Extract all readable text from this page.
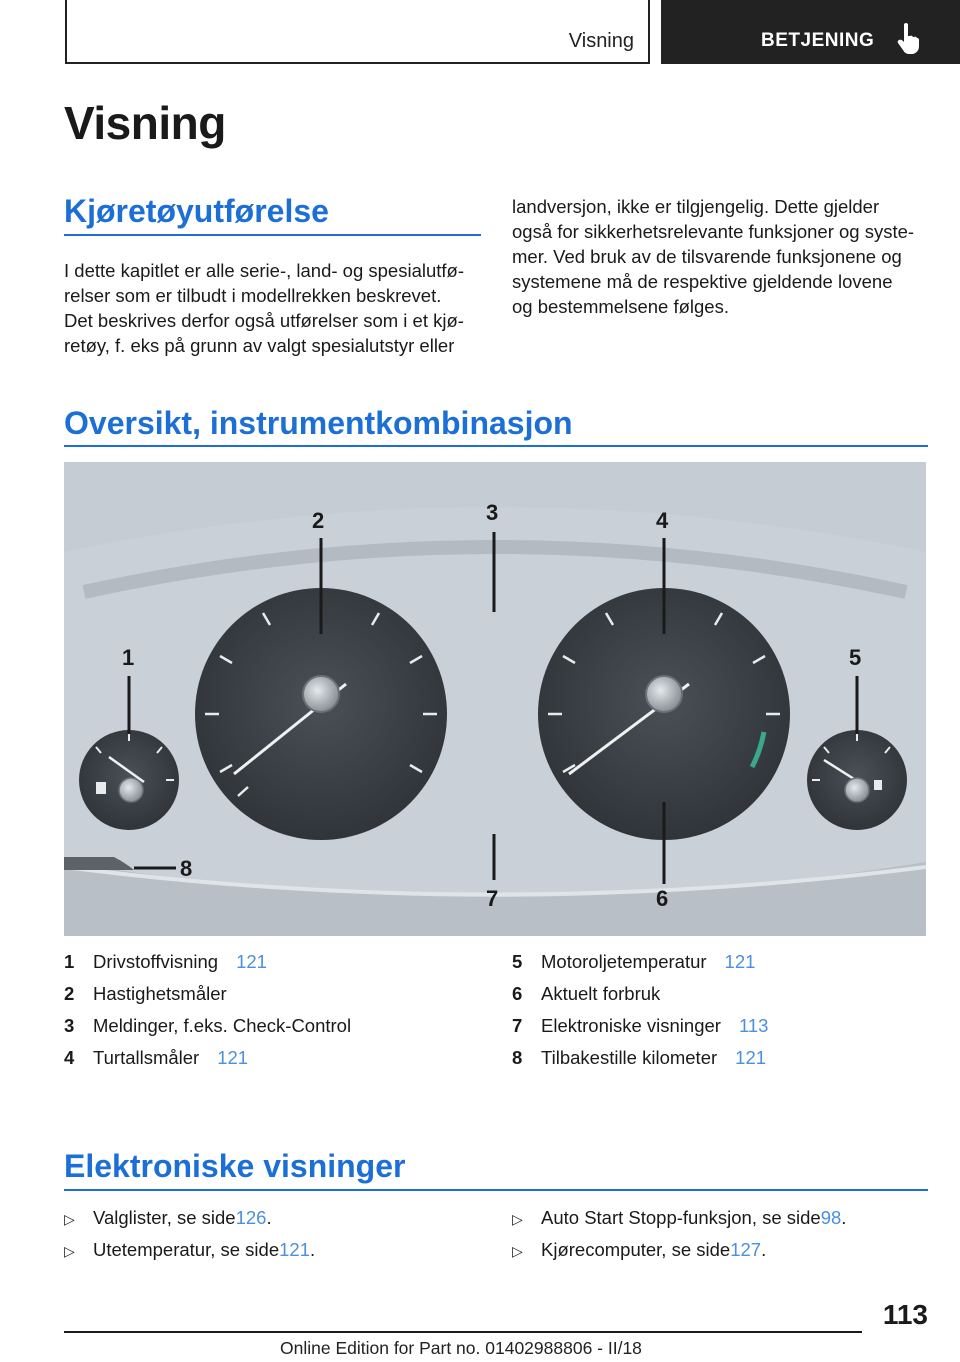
Visning	BETJENING
Visning
Kjøretøyutførelse
I dette kapitlet er alle serie-, land- og spesialutfø-
relser som er tilbudt i modellrekken beskrevet.
Det beskrives derfor også utførelser som i et kjø-
retøy, f. eks på grunn av valgt spesialutstyr eller
landversjon, ikke er tilgjengelig. Dette gjelder
også for sikkerhetsrelevante funksjoner og syste-
mer. Ved bruk av de tilsvarende funksjonene og
systemene må de respektive gjeldende lovene
og bestemmelsene følges.
Oversikt, instrumentkombinasjon
1
2	3	4
5
6
7
8
1	Drivstoffvisning 121
2	Hastighetsmåler
3	Meldinger, f.eks. Check-Control
4	Turtallsmåler 121
5	Motoroljetemperatur 121
6	Aktuelt forbruk
7	Elektroniske visninger 113
8	Tilbakestille kilometer 121
Elektroniske visninger
▷ Valglister, se side 126 .
▷ Utetemperatur, se side 121 .
▷ Auto Start Stopp-funksjon, se side 98 .
▷ Kjørecomputer, se side 127 .
113
Online Edition for Part no. 01402988806 - II/18
